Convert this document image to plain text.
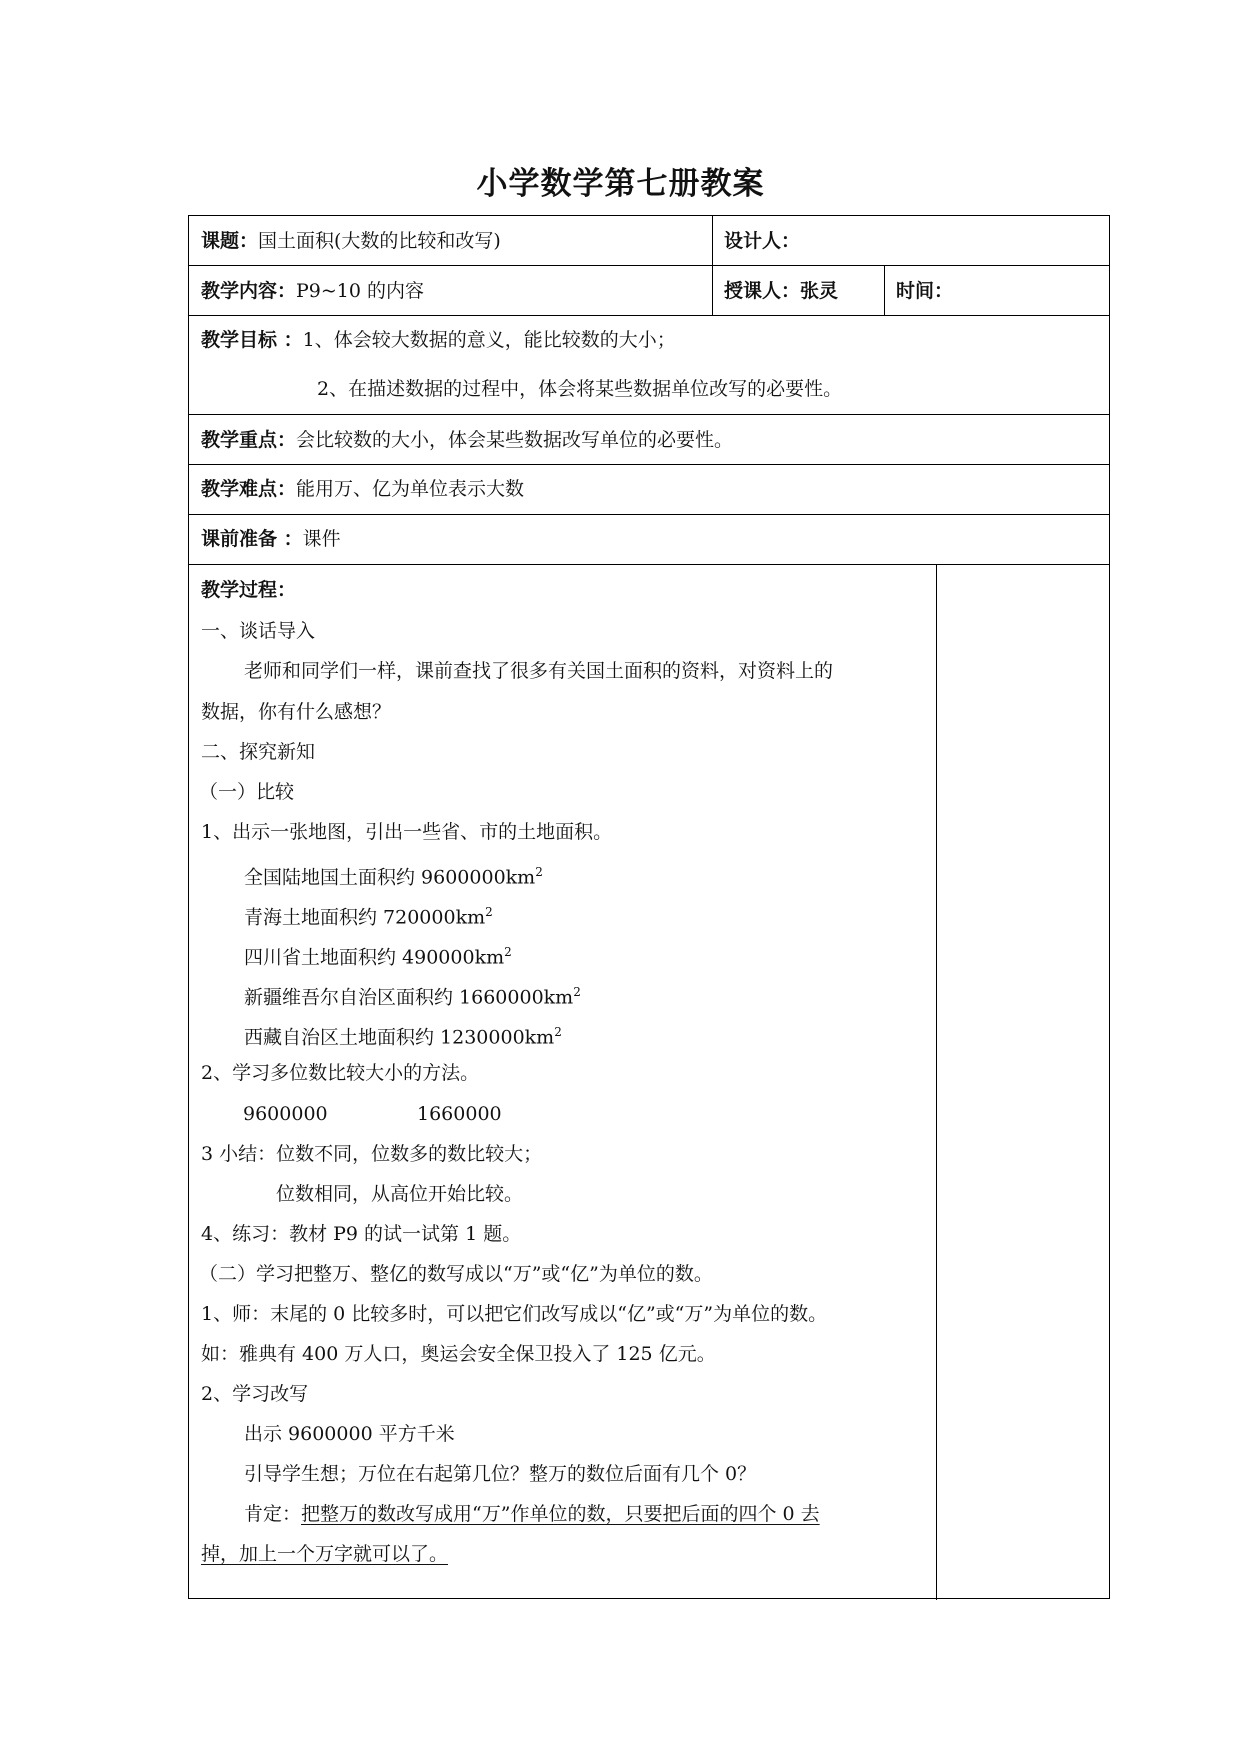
小学数学第七册教案
课题：国土面积(大数的比较和改写)	设计人：
教学内容：P9~10 的内容	授课人：张灵	时间：
教学目标 ：1、体会较大数据的意义，能比较数的大小；
2、在描述数据的过程中，体会将某些数据单位改写的必要性。
教学重点：会比较数的大小，体会某些数据改写单位的必要性。
教学难点：能用万、亿为单位表示大数
课前准备 ：课件
教学过程：
一、谈话导入
老师和同学们一样，课前查找了很多有关国土面积的资料，对资料上的
数据，你有什么感想？
二、探究新知
（一）比较
1、出示一张地图，引出一些省、市的土地面积。
全国陆地国土面积约 $9600000km^2$
青海土地面积约 $720000km^2$
四川省土地面积约 $490000km^2$
新疆维吾尔自治区面积约 $1660000km^2$
西藏自治区土地面积约 $1230000km^2$
2、学习多位数比较大小的方法。
9600000	1660000
3 小结：位数不同，位数多的数比较大；
位数相同，从高位开始比较。
4、练习：教材 P9 的试一试第 1 题。
（二）学习把整万、整亿的数写成以“万”或“亿”为单位的数。
1、师：末尾的 0 比较多时，可以把它们改写成以“亿”或“万”为单位的数。
如：雅典有 400 万人口，奥运会安全保卫投入了 125 亿元。
2、学习改写
出示 9600000 平方千米
引导学生想；万位在右起第几位？整万的数位后面有几个 0？
肯定：把整万的数改写成用“万”作单位的数，只要把后面的四个 0 去
掉，加上一个万字就可以了。
